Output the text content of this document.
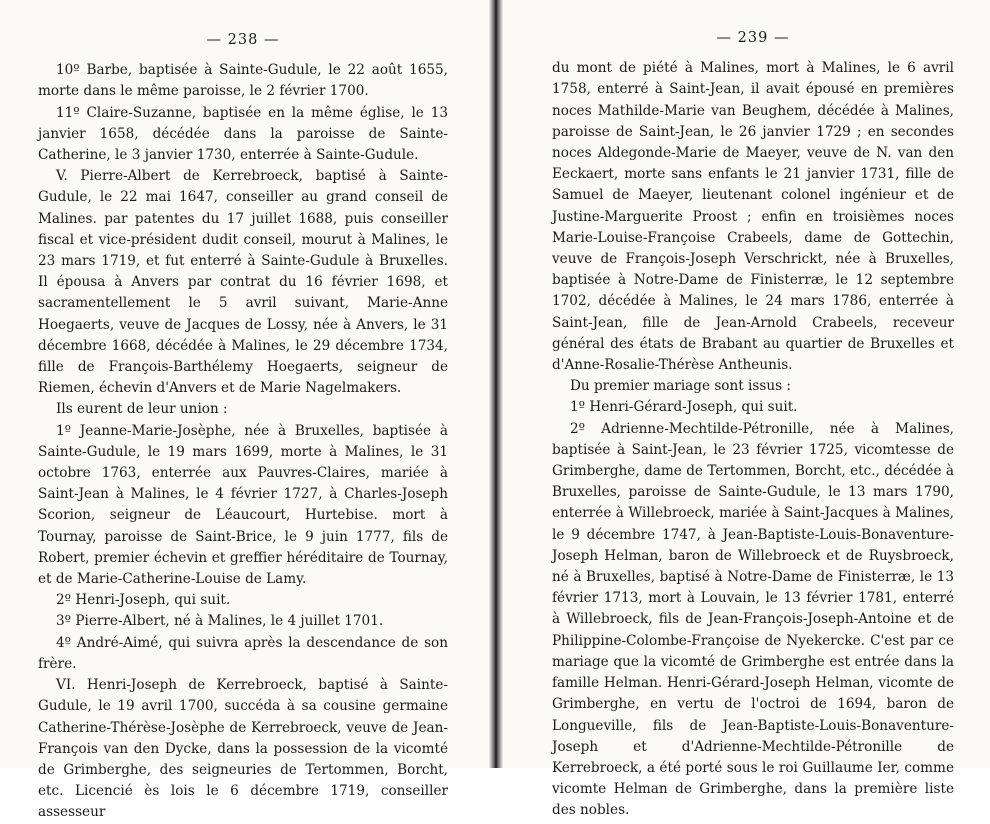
— 238 —

10º Barbe, baptisée à Sainte-Gudule, le 22 août 1655, morte dans le même paroisse, le 2 février 1700.

11º Claire-Suzanne, baptisée en la même église, le 13 janvier 1658, décédée dans la paroisse de Sainte-Catherine, le 3 janvier 1730, enterrée à Sainte-Gudule.

V. Pierre-Albert de Kerrebroeck, baptisé à Sainte-Gudule, le 22 mai 1647, conseiller au grand conseil de Malines. par patentes du 17 juillet 1688, puis conseiller fiscal et vice-président dudit conseil, mourut à Malines, le 23 mars 1719, et fut enterré à Sainte-Gudule à Bruxelles. Il épousa à Anvers par contrat du 16 février 1698, et sacramentellement le 5 avril suivant, Marie-Anne Hoegaerts, veuve de Jacques de Lossy, née à Anvers, le 31 décembre 1668, décédée à Malines, le 29 décembre 1734, fille de François-Barthélemy Hoegaerts, seigneur de Riemen, échevin d'Anvers et de Marie Nagelmakers.

Ils eurent de leur union :

1º Jeanne-Marie-Josèphe, née à Bruxelles, baptisée à Sainte-Gudule, le 19 mars 1699, morte à Malines, le 31 octobre 1763, enterrée aux Pauvres-Claires, mariée à Saint-Jean à Malines, le 4 février 1727, à Charles-Joseph Scorion, seigneur de Léaucourt, Hurtebise. mort à Tournay, paroisse de Saint-Brice, le 9 juin 1777, fils de Robert, premier échevin et greffier héréditaire de Tournay, et de Marie-Catherine-Louise de Lamy.

2º Henri-Joseph, qui suit.

3º Pierre-Albert, né à Malines, le 4 juillet 1701.

4º André-Aimé, qui suivra après la descendance de son frère.

VI. Henri-Joseph de Kerrebroeck, baptisé à Sainte-Gudule, le 19 avril 1700, succéda à sa cousine germaine Catherine-Thérèse-Josèphe de Kerrebroeck, veuve de Jean-François van den Dycke, dans la possession de la vicomté de Grimberghe, des seigneuries de Tertommen, Borcht, etc. Licencié ès lois le 6 décembre 1719, conseiller assesseur

— 239 —

du mont de piété à Malines, mort à Malines, le 6 avril 1758, enterré à Saint-Jean, il avait épousé en premières noces Mathilde-Marie van Beughem, décédée à Malines, paroisse de Saint-Jean, le 26 janvier 1729 ; en secondes noces Aldegonde-Marie de Maeyer, veuve de N. van den Eeckaert, morte sans enfants le 21 janvier 1731, fille de Samuel de Maeyer, lieutenant colonel ingénieur et de Justine-Marguerite Proost ; enfin en troisièmes noces Marie-Louise-Françoise Crabeels, dame de Gottechin, veuve de François-Joseph Verschrickt, née à Bruxelles, baptisée à Notre-Dame de Finisterræ, le 12 septembre 1702, décédée à Malines, le 24 mars 1786, enterrée à Saint-Jean, fille de Jean-Arnold Crabeels, receveur général des états de Brabant au quartier de Bruxelles et d'Anne-Rosalie-Thérèse Antheunis.

Du premier mariage sont issus :

1º Henri-Gérard-Joseph, qui suit.

2º Adrienne-Mechtilde-Pétronille, née à Malines, baptisée à Saint-Jean, le 23 février 1725, vicomtesse de Grimberghe, dame de Tertommen, Borcht, etc., décédée à Bruxelles, paroisse de Sainte-Gudule, le 13 mars 1790, enterrée à Willebroeck, mariée à Saint-Jacques à Malines, le 9 décembre 1747, à Jean-Baptiste-Louis-Bonaventure-Joseph Helman, baron de Willebroeck et de Ruysbroeck, né à Bruxelles, baptisé à Notre-Dame de Finisterræ, le 13 février 1713, mort à Louvain, le 13 février 1781, enterré à Willebroeck, fils de Jean-François-Joseph-Antoine et de Philippine-Colombe-Françoise de Nyekercke. C'est par ce mariage que la vicomté de Grimberghe est entrée dans la famille Helman. Henri-Gérard-Joseph Helman, vicomte de Grimberghe, en vertu de l'octroi de 1694, baron de Longueville, fils de Jean-Baptiste-Louis-Bonaventure-Joseph et d'Adrienne-Mechtilde-Pétronille de Kerrebroeck, a été porté sous le roi Guillaume Ier, comme vicomte Helman de Grimberghe, dans la première liste des nobles.
